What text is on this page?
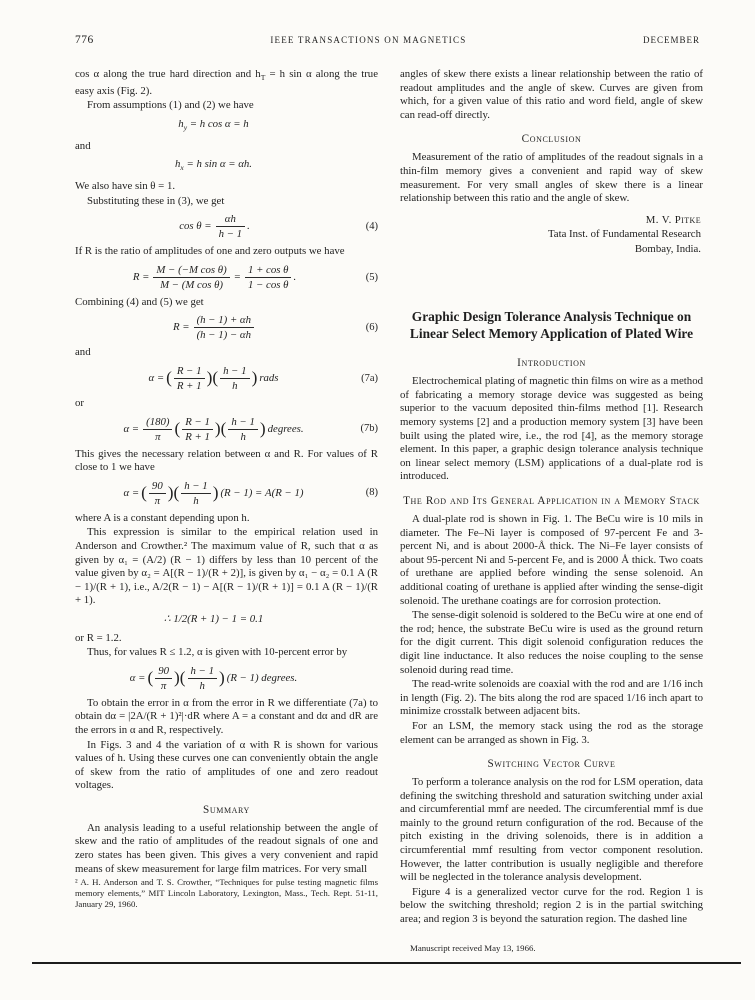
776	IEEE TRANSACTIONS ON MAGNETICS	DECEMBER

cos α along the true hard direction and $h_T = h$ sin α along the true easy axis (Fig. 2).

From assumptions (1) and (2) we have

$h_y = h$ cos α = h

and

$h_x = h$ sin α = αh.

We also have sin θ = 1.

Substituting these in (3), we get

$\cos \theta = \frac{\alpha h}{h - 1}$ .	(4)

If R is the ratio of amplitudes of one and zero outputs we have

$R = \frac{\text{M − (−M cos θ)}}{\text{M − (M cos θ)}} = \frac{\text{1 + cos θ}}{\text{1 − cos θ}}$ .	(5)

Combining (4) and (5) we get

$R = \frac{(h - 1) + \alpha h}{(h - 1) - \alpha h}$	(6)

and

α = ( $\frac{R - 1}{R + 1}$ )( $\frac{h - 1}{h}$ ) rads	(7a)

or

$\alpha = \frac{(180)}{\pi}$ ( $\frac{R - 1}{R + 1}$ )( $\frac{h - 1}{h}$ ) degrees.	(7b)

This gives the necessary relation between α and R. For values of R close to 1 we have

α = ( $\frac{90}{\pi}$ )( $\frac{h - 1}{h}$ ) (R − 1) = A(R − 1)	(8)

where A is a constant depending upon h.

This expression is similar to the empirical relation used in Anderson and Crowther.² The maximum value of R, such that α as given by α₁ = (A/2) (R − 1) differs by less than 10 percent of the value given by α₂ = A[(R − 1)/(R + 2)], is given by α₁ − α₂ = 0.1 A (R − 1)/(R + 1), i.e., A/2(R − 1) − A[(R − 1)/(R + 1)] = 0.1 A (R − 1)/(R + 1).

∴ 1/2(R + 1) − 1 = 0.1

or R = 1.2.

Thus, for values R ≤ 1.2, α is given with 10-percent error by

α = ( $\frac{90}{\pi}$ )( $\frac{h - 1}{h}$ ) (R − 1) degrees.

To obtain the error in α from the error in R we differentiate (7a) to obtain dα = |2A/(R + 1)²|·dR where A = a constant and dα and dR are the errors in α and R, respectively.

In Figs. 3 and 4 the variation of α with R is shown for various values of h. Using these curves one can conveniently obtain the angle of skew from the ratio of amplitudes of one and zero readout voltages.

Summary

An analysis leading to a useful relationship between the angle of skew and the ratio of amplitudes of the readout signals of one and zero states has been given. This gives a very convenient and rapid means of skew measurement for large film matrices. For very small

² A. H. Anderson and T. S. Crowther, “Techniques for pulse testing magnetic films memory elements,” MIT Lincoln Laboratory, Lexington, Mass., Tech. Rept. 51-11, January 29, 1960.

angles of skew there exists a linear relationship between the ratio of readout amplitudes and the angle of skew. Curves are given from which, for a given value of this ratio and word field, angle of skew can read-off directly.

Conclusion

Measurement of the ratio of amplitudes of the readout signals in a thin-film memory gives a convenient and rapid way of skew measurement. For very small angles of skew there is a linear relationship between this ratio and the angle of skew.

M. V. Pitke
Tata Inst. of Fundamental Research
Bombay, India.
Graphic Design Tolerance Analysis Technique on Linear Select Memory Application of Plated Wire
Introduction

Electrochemical plating of magnetic thin films on wire as a method of fabricating a memory storage device was suggested as being superior to the vacuum deposited thin-films method [1]. Research memory systems [2] and a production memory system [3] have been built using the plated wire, i.e., the rod [4], as the memory storage element. In this paper, a graphic design tolerance analysis technique on linear select memory (LSM) applications of a dual-plate rod is introduced.

The Rod and Its General Application in a Memory Stack

A dual-plate rod is shown in Fig. 1. The BeCu wire is 10 mils in diameter. The Fe–Ni layer is composed of 97-percent Fe and 3-percent Ni, and is about 2000-Å thick. The Ni–Fe layer consists of about 95-percent Ni and 5-percent Fe, and is 2000 Å thick. Two coats of urethane are applied before winding the sense solenoid. An additional coating of urethane is applied after winding the sense-digit solenoid. The urethane coatings are for corrosion protection.

The sense-digit solenoid is soldered to the BeCu wire at one end of the rod; hence, the substrate BeCu wire is used as the ground return for the digit current. This digit solenoid configuration reduces the digit line inductance. It also reduces the noise coupling to the sense solenoid during read time.

The read-write solenoids are coaxial with the rod and are 1/16 inch in length (Fig. 2). The bits along the rod are spaced 1/16 inch apart to minimize crosstalk between adjacent bits.

For an LSM, the memory stack using the rod as the storage element can be arranged as shown in Fig. 3.

Switching Vector Curve

To perform a tolerance analysis on the rod for LSM operation, data defining the switching threshold and saturation switching under axial and circumferential mmf are needed. The circumferential mmf is due mainly to the ground return configuration of the rod. Because of the pitch existing in the driving solenoids, there is in addition a circumferential mmf resulting from vector component resolution. However, the latter contribution is usually negligible and therefore will be neglected in the tolerance analysis development.

Figure 4 is a generalized vector curve for the rod. Region 1 is below the switching threshold; region 2 is in the partial switching area; and region 3 is beyond the saturation region. The dashed line

Manuscript received May 13, 1966.
